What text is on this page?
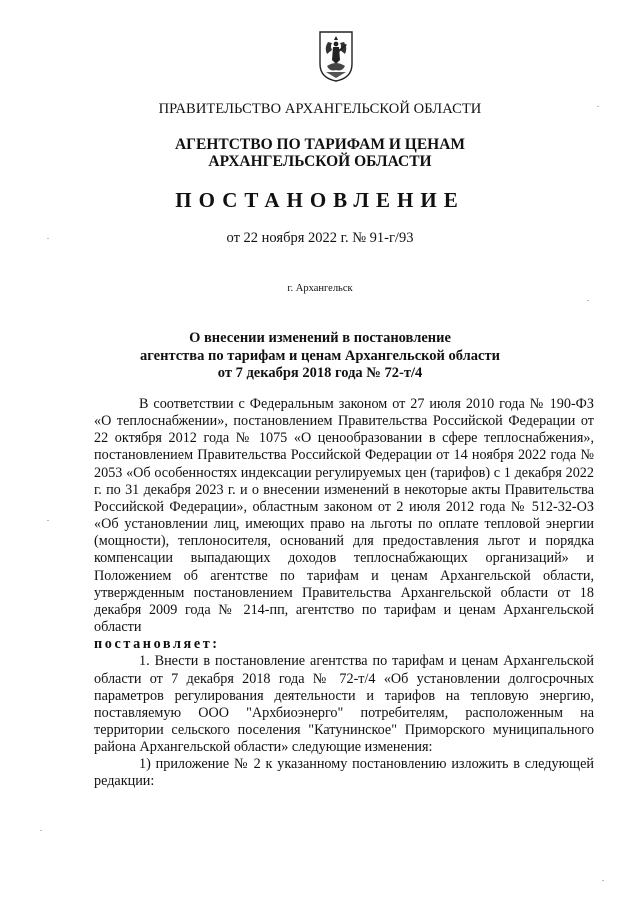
ПРАВИТЕЛЬСТВО АРХАНГЕЛЬСКОЙ ОБЛАСТИ
АГЕНТСТВО ПО ТАРИФАМ И ЦЕНАМ
АРХАНГЕЛЬСКОЙ ОБЛАСТИ
ПОСТАНОВЛЕНИЕ
от 22 ноября 2022 г. № 91-г/93
г. Архангельск
О внесении изменений в постановление
агентства по тарифам и ценам Архангельской области
от 7 декабря 2018 года № 72-т/4

В соответствии с Федеральным законом от 27 июля 2010 года № 190-ФЗ «О теплоснабжении», постановлением Правительства Российской Федерации от 22 октября 2012 года № 1075 «О ценообразовании в сфере теплоснабжения», постановлением Правительства Российской Федерации от 14 ноября 2022 года № 2053 «Об особенностях индексации регулируемых цен (тарифов) с 1 декабря 2022 г. по 31 декабря 2023 г. и о внесении изменений в некоторые акты Правительства Российской Федерации», областным законом от 2 июля 2012 года № 512-32-ОЗ «Об установлении лиц, имеющих право на льготы по оплате тепловой энергии (мощности), теплоносителя, оснований для предоставления льгот и порядка компенсации выпадающих доходов теплоснабжающих организаций» и Положением об агентстве по тарифам и ценам Архангельской области, утвержденным постановлением Правительства Архангельской области от 18 декабря 2009 года № 214-пп, агентство по тарифам и ценам Архангельской области

постановляет:

1. Внести в постановление агентства по тарифам и ценам Архангельской области от 7 декабря 2018 года № 72-т/4 «Об установлении долгосрочных параметров регулирования деятельности и тарифов на тепловую энергию, поставляемую ООО "Архбиоэнерго" потребителям, расположенным на территории сельского поселения "Катунинское" Приморского муниципального района Архангельской области» следующие изменения:

1) приложение № 2 к указанному постановлению изложить в следующей редакции:
